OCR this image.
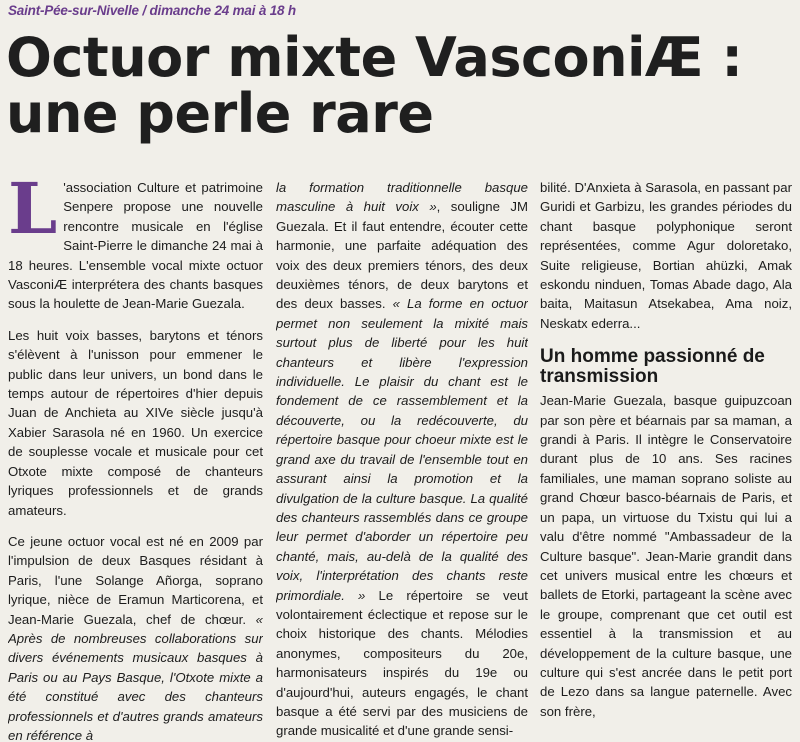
Saint-Pée-sur-Nivelle / dimanche 24 mai à 18 h
Octuor mixte VasconiÆ :
une perle rare

L 'association Culture et patrimoine Senpere propose une nouvelle rencontre musicale en l'église Saint-Pierre le dimanche 24 mai à 18 heures. L'ensemble vocal mixte octuor VasconiÆ interprétera des chants basques sous la houlette de Jean-Marie Guezala.

Les huit voix basses, barytons et ténors s'élèvent à l'unisson pour emmener le public dans leur univers, un bond dans le temps autour de répertoires d'hier depuis Juan de Anchieta au XIVe siècle jusqu'à Xabier Sarasola né en 1960. Un exercice de souplesse vocale et musicale pour cet Otxote mixte composé de chanteurs lyriques professionnels et de grands amateurs.

Ce jeune octuor vocal est né en 2009 par l'impulsion de deux Basques résidant à Paris, l'une Solange Añorga, soprano lyrique, nièce de Eramun Marticorena, et Jean-Marie Guezala, chef de chœur. « Après de nombreuses collaborations sur divers événements musicaux basques à Paris ou au Pays Basque, l'Otxote mixte a été constitué avec des chanteurs professionnels et d'autres grands amateurs en référence à

la formation traditionnelle basque masculine à huit voix », souligne JM Guezala. Et il faut entendre, écouter cette harmonie, une parfaite adéquation des voix des deux premiers ténors, des deux deuxièmes ténors, de deux barytons et des deux basses. « La forme en octuor permet non seulement la mixité mais surtout plus de liberté pour les huit chanteurs et libère l'expression individuelle. Le plaisir du chant est le fondement de ce rassemblement et la découverte, ou la redécouverte, du répertoire basque pour choeur mixte est le grand axe du travail de l'ensemble tout en assurant ainsi la promotion et la divulgation de la culture basque. La qualité des chanteurs rassemblés dans ce groupe leur permet d'aborder un répertoire peu chanté, mais, au-delà de la qualité des voix, l'interprétation des chants reste primordiale. » Le répertoire se veut volontairement éclectique et repose sur le choix historique des chants. Mélodies anonymes, compositeurs du 20e, harmonisateurs inspirés du 19e ou d'aujourd'hui, auteurs engagés, le chant basque a été servi par des musiciens de grande musicalité et d'une grande sensi-

bilité. D'Anxieta à Sarasola, en passant par Guridi et Garbizu, les grandes périodes du chant basque polyphonique seront représentées, comme Agur doloretako, Suite religieuse, Bortian ahüzki, Amak eskondu ninduen, Tomas Abade dago, Ala baita, Maitasun Atsekabea, Ama noiz, Neskatx ederra...

Un homme passionné de transmission

Jean-Marie Guezala, basque guipuzcoan par son père et béarnais par sa maman, a grandi à Paris. Il intègre le Conservatoire durant plus de 10 ans. Ses racines familiales, une maman soprano soliste au grand Chœur basco-béarnais de Paris, et un papa, un virtuose du Txistu qui lui a valu d'être nommé "Ambassadeur de la Culture basque". Jean-Marie grandit dans cet univers musical entre les chœurs et ballets de Etorki, partageant la scène avec le groupe, comprenant que cet outil est essentiel à la transmission et au développement de la culture basque, une culture qui s'est ancrée dans le petit port de Lezo dans sa langue paternelle. Avec son frère,
